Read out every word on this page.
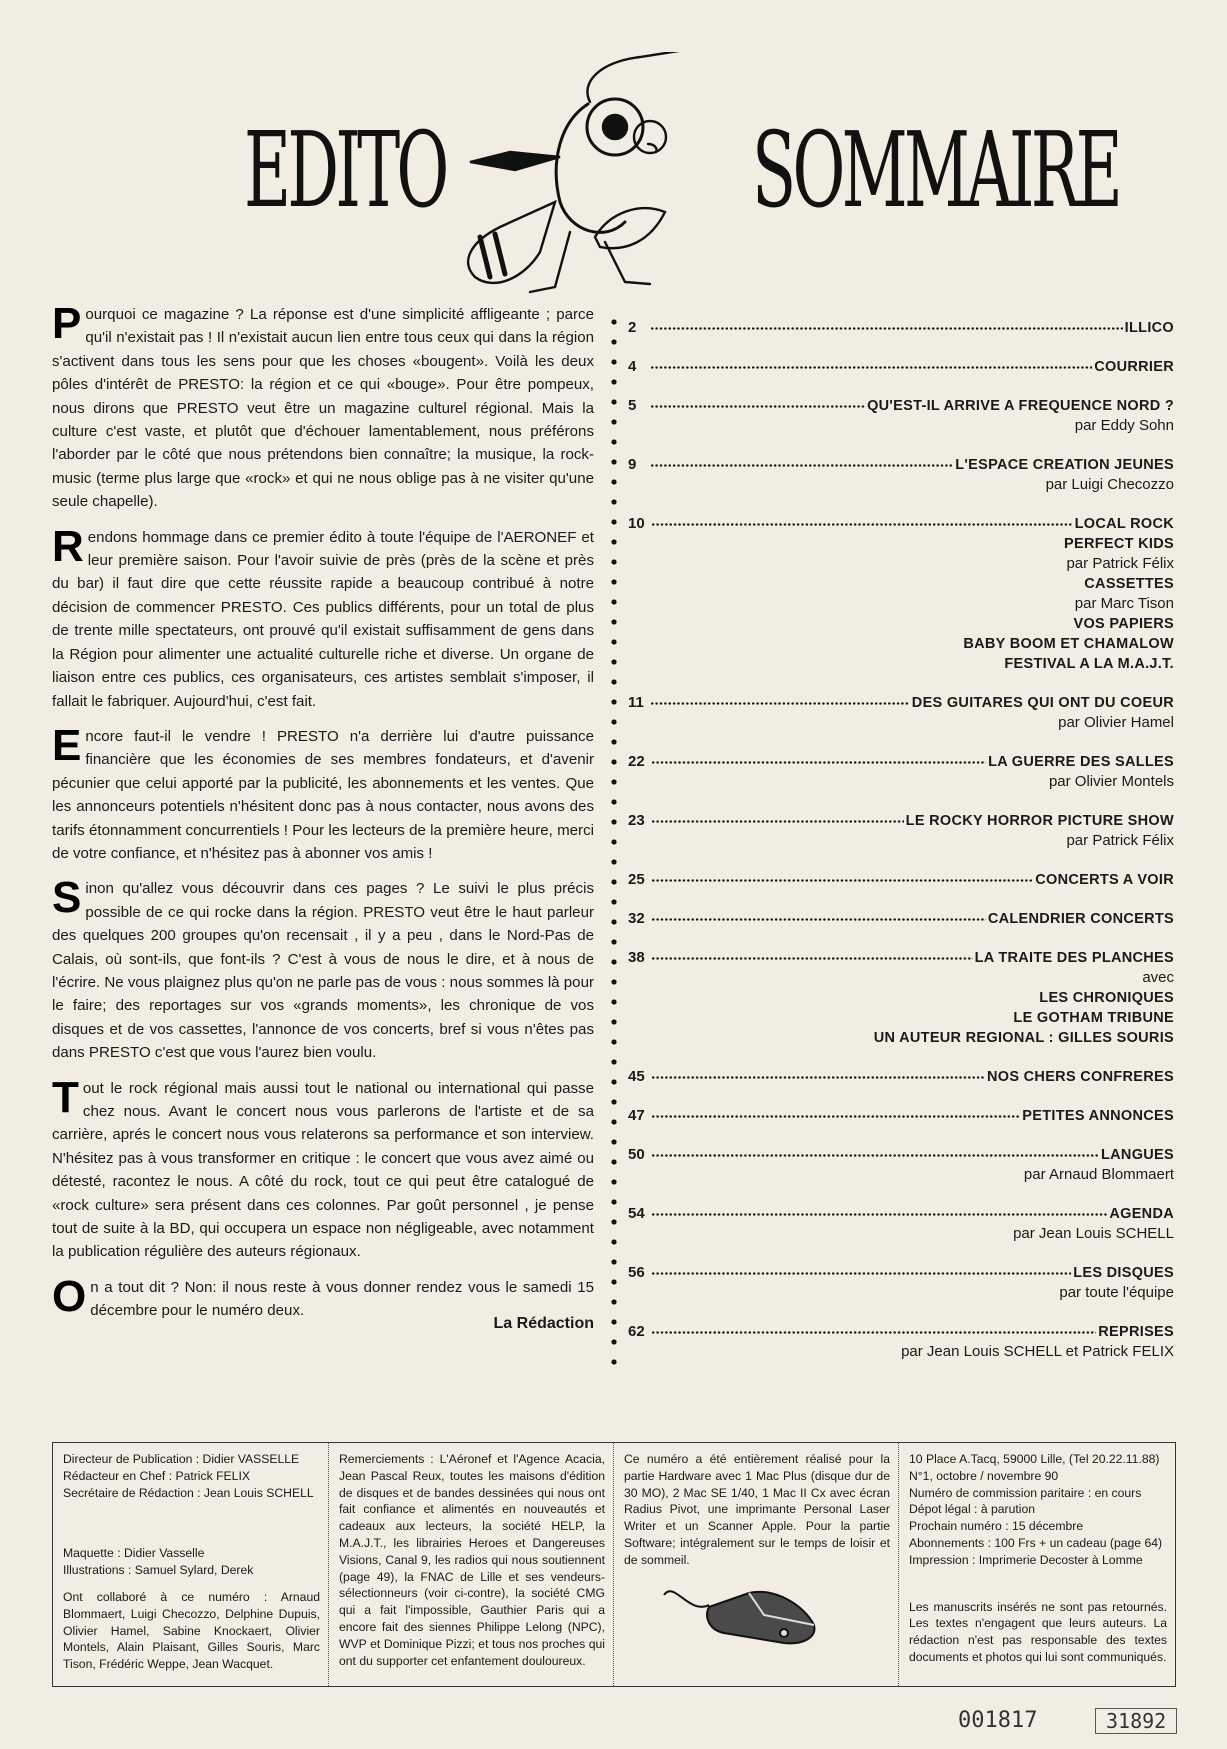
EDITO	SOMMAIRE

Pourquoi ce magazine ? La réponse est d'une simplicité affligeante ; parce qu'il n'existait pas ! Il n'existait aucun lien entre tous ceux qui dans la région s'activent dans tous les sens pour que les choses «bougent». Voilà les deux pôles d'intérêt de PRESTO: la région et ce qui «bouge». Pour être pompeux, nous dirons que PRESTO veut être un magazine culturel régional. Mais la culture c'est vaste, et plutôt que d'échouer lamentablement, nous préférons l'aborder par le côté que nous prétendons bien connaître; la musique, la rock-music (terme plus large que «rock» et qui ne nous oblige pas à ne visiter qu'une seule chapelle).

Rendons hommage dans ce premier édito à toute l'équipe de l'AERONEF et leur première saison. Pour l'avoir suivie de près (près de la scène et près du bar) il faut dire que cette réussite rapide a beaucoup contribué à notre décision de commencer PRESTO. Ces publics différents, pour un total de plus de trente mille spectateurs, ont prouvé qu'il existait suffisamment de gens dans la Région pour alimenter une actualité culturelle riche et diverse. Un organe de liaison entre ces publics, ces organisateurs, ces artistes semblait s'imposer, il fallait le fabriquer. Aujourd'hui, c'est fait.

Encore faut-il le vendre ! PRESTO n'a derrière lui d'autre puissance financière que les économies de ses membres fondateurs, et d'avenir pécunier que celui apporté par la publicité, les abonnements et les ventes. Que les annonceurs potentiels n'hésitent donc pas à nous contacter, nous avons des tarifs étonnamment concurrentiels ! Pour les lecteurs de la première heure, merci de votre confiance, et n'hésitez pas à abonner vos amis !

Sinon qu'allez vous découvrir dans ces pages ? Le suivi le plus précis possible de ce qui rocke dans la région. PRESTO veut être le haut parleur des quelques 200 groupes qu'on recensait , il y a peu , dans le Nord-Pas de Calais, où sont-ils, que font-ils ? C'est à vous de nous le dire, et à nous de l'écrire. Ne vous plaignez plus qu'on ne parle pas de vous : nous sommes là pour le faire; des reportages sur vos «grands moments», les chronique de vos disques et de vos cassettes, l'annonce de vos concerts, bref si vous n'êtes pas dans PRESTO c'est que vous l'aurez bien voulu.

Tout le rock régional mais aussi tout le national ou international qui passe chez nous. Avant le concert nous vous parlerons de l'artiste et de sa carrière, aprés le concert nous vous relaterons sa performance et son interview. N'hésitez pas à vous transformer en critique : le concert que vous avez aimé ou détesté, racontez le nous. A côté du rock, tout ce qui peut être catalogué de «rock culture» sera présent dans ces colonnes. Par goût personnel , je pense tout de suite à la BD, qui occupera un espace non négligeable, avec notamment la publication régulière des auteurs régionaux.

On a tout dit ? Non: il nous reste à vous donner rendez vous le samedi 15 décembre pour le numéro deux.

La Rédaction
2	ILLICO
4	COURRIER
5	QU'EST-IL ARRIVE A FREQUENCE NORD ?
par Eddy Sohn
9	L'ESPACE CREATION JEUNES
par Luigi Checozzo
10	LOCAL ROCK
PERFECT KIDS
par Patrick Félix
CASSETTES
par Marc Tison
VOS PAPIERS
BABY BOOM ET CHAMALOW
FESTIVAL A LA M.A.J.T.
11	DES GUITARES QUI ONT DU COEUR
par Olivier Hamel
22	LA GUERRE DES SALLES
par Olivier Montels
23	LE ROCKY HORROR PICTURE SHOW
par Patrick Félix
25	CONCERTS A VOIR
32	CALENDRIER CONCERTS
38	LA TRAITE DES PLANCHES
avec
LES CHRONIQUES
LE GOTHAM TRIBUNE
UN AUTEUR REGIONAL : GILLES SOURIS
45	NOS CHERS CONFRERES
47	PETITES ANNONCES
50	LANGUES
par Arnaud Blommaert
54	AGENDA
par Jean Louis SCHELL
56	LES DISQUES
par toute l'équipe
62	REPRISES
par Jean Louis SCHELL et Patrick FELIX

Directeur de Publication : Didier VASSELLE
Rédacteur en Chef : Patrick FELIX
Secrétaire de Rédaction : Jean Louis SCHELL

Maquette : Didier Vasselle
Illustrations : Samuel Sylard, Derek

Ont collaboré à ce numéro : Arnaud Blommaert, Luigi Checozzo, Delphine Dupuis, Olivier Hamel, Sabine Knockaert, Olivier Montels, Alain Plaisant, Gilles Souris, Marc Tison, Frédéric Weppe, Jean Wacquet.

Remerciements : L'Aéronef et l'Agence Acacia, Jean Pascal Reux, toutes les maisons d'édition de disques et de bandes dessinées qui nous ont fait confiance et alimentés en nouveautés et cadeaux aux lecteurs, la société HELP, la M.A.J.T., les librairies Heroes et Dangereuses Visions, Canal 9, les radios qui nous soutiennent (page 49), la FNAC de Lille et ses vendeurs-sélectionneurs (voir ci-contre), la société CMG qui a fait l'impossible, Gauthier Paris qui a encore fait des siennes Philippe Lelong (NPC), WVP et Dominique Pizzi; et tous nos proches qui ont du supporter cet enfantement douloureux.

Ce numéro a été entièrement réalisé pour la partie Hardware avec 1 Mac Plus (disque dur de 30 MO), 2 Mac SE 1/40, 1 Mac II Cx avec écran Radius Pivot, une imprimante Personal Laser Writer et un Scanner Apple. Pour la partie Software; intégralement sur le temps de loisir et de sommeil.

10 Place A.Tacq, 59000 Lille, (Tel 20.22.11.88)
N°1, octobre / novembre 90
Numéro de commission paritaire : en cours
Dépot légal : à parution
Prochain numéro : 15 décembre
Abonnements : 100 Frs + un cadeau (page 64)
Impression : Imprimerie Decoster à Lomme

Les manuscrits insérés ne sont pas retournés. Les textes n'engagent que leurs auteurs. La rédaction n'est pas responsable des textes documents et photos qui lui sont communiqués.

001817	31892
